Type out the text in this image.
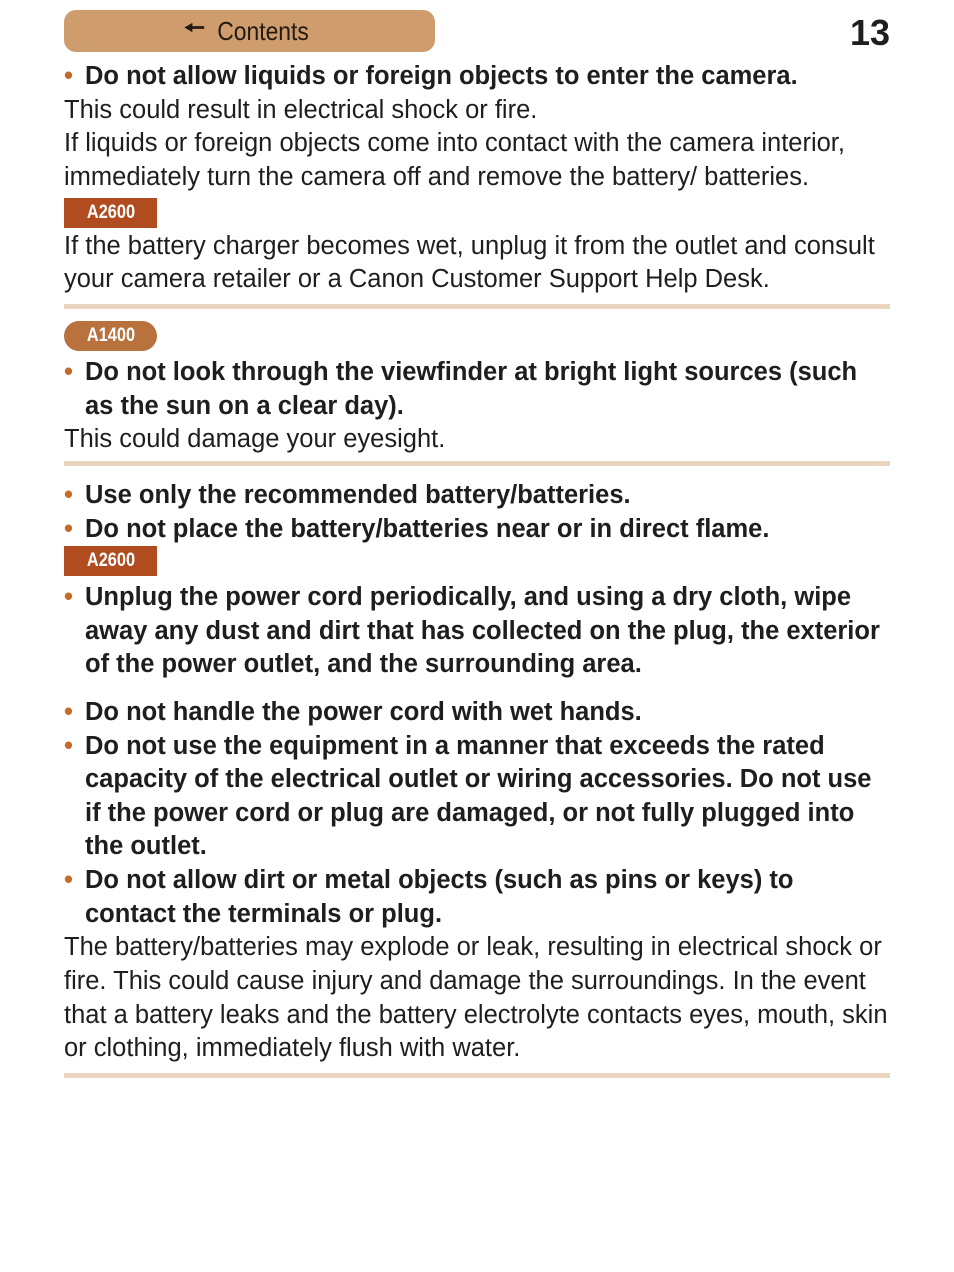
🠔 Contents	13
• Do not allow liquids or foreign objects to enter the camera.
This could result in electrical shock or fire.
If liquids or foreign objects come into contact with the camera interior, immediately turn the camera off and remove the battery/ batteries.
A2600
If the battery charger becomes wet, unplug it from the outlet and consult your camera retailer or a Canon Customer Support Help Desk.
A1400
• Do not look through the viewfinder at bright light sources (such as the sun on a clear day).
This could damage your eyesight.
• Use only the recommended battery/batteries.
• Do not place the battery/batteries near or in direct flame.
A2600
• Unplug the power cord periodically, and using a dry cloth, wipe away any dust and dirt that has collected on the plug, the exterior of the power outlet, and the surrounding area.
• Do not handle the power cord with wet hands.
• Do not use the equipment in a manner that exceeds the rated capacity of the electrical outlet or wiring accessories. Do not use if the power cord or plug are damaged, or not fully plugged into the outlet.
• Do not allow dirt or metal objects (such as pins or keys) to contact the terminals or plug.
The battery/batteries may explode or leak, resulting in electrical shock or fire. This could cause injury and damage the surroundings. In the event that a battery leaks and the battery electrolyte contacts eyes, mouth, skin or clothing, immediately flush with water.
